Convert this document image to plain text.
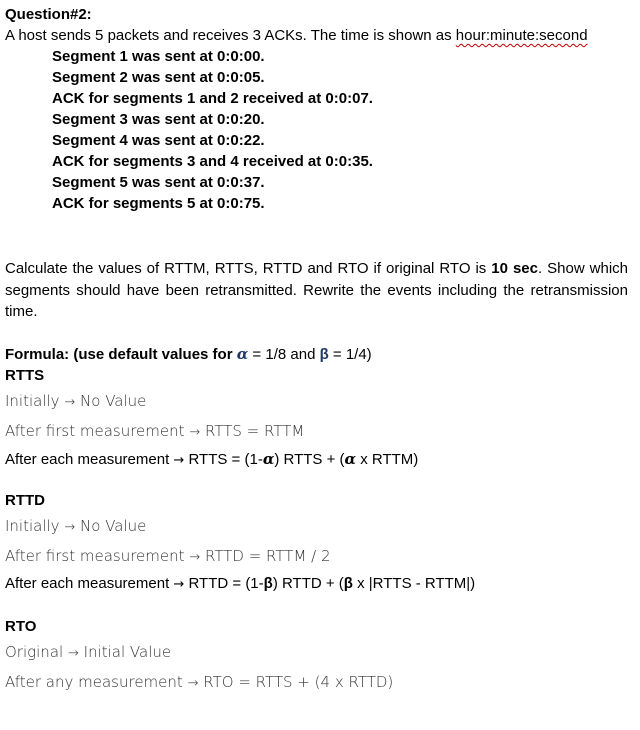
Question#2:
A host sends 5 packets and receives 3 ACKs. The time is shown as hour:minute:second
Segment 1 was sent at 0:0:00.
Segment 2 was sent at 0:0:05.
ACK for segments 1 and 2 received at 0:0:07.
Segment 3 was sent at 0:0:20.
Segment 4 was sent at 0:0:22.
ACK for segments 3 and 4 received at 0:0:35.
Segment 5 was sent at 0:0:37.
ACK for segments 5 at 0:0:75.
Calculate the values of RTTM, RTTS, RTTD and RTO if original RTO is 10 sec. Show which segments should have been retransmitted. Rewrite the events including the retransmission time.
Formula: (use default values for α = 1/8 and β = 1/4)
RTTS
Initially → No Value
After first measurement → RTTS = RTTM
After each measurement → RTTS = (1-α) RTTS + (α x RTTM)
RTTD
Initially → No Value
After first measurement → RTTD = RTTM / 2
After each measurement → RTTD = (1-β) RTTD + (β x |RTTS - RTTM|)
RTO
Original → Initial Value
After any measurement → RTO = RTTS + (4 x RTTD)
